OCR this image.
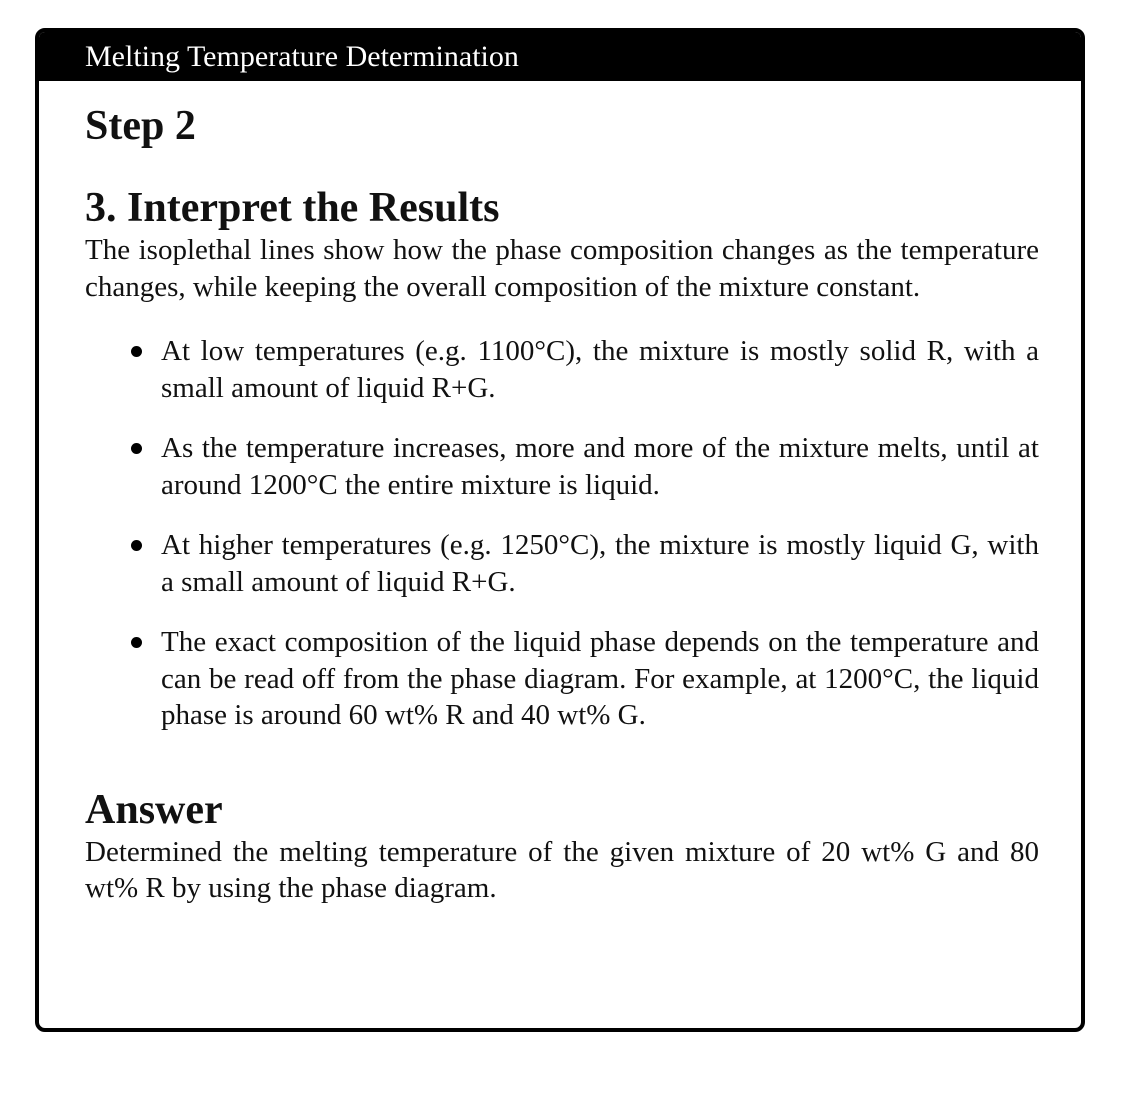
Melting Temperature Determination
Step 2
3. Interpret the Results

The isoplethal lines show how the phase composition changes as the temperature changes, while keeping the overall composition of the mixture constant.

At low temperatures (e.g. 1100°C), the mixture is mostly solid R, with a small amount of liquid R+G.
As the temperature increases, more and more of the mixture melts, until at around 1200°C the entire mixture is liquid.
At higher temperatures (e.g. 1250°C), the mixture is mostly liquid G, with a small amount of liquid R+G.
The exact composition of the liquid phase depends on the temperature and can be read off from the phase diagram. For example, at 1200°C, the liquid phase is around 60 wt% R and 40 wt% G.
Answer

Determined the melting temperature of the given mixture of 20 wt% G and 80 wt% R by using the phase diagram.
